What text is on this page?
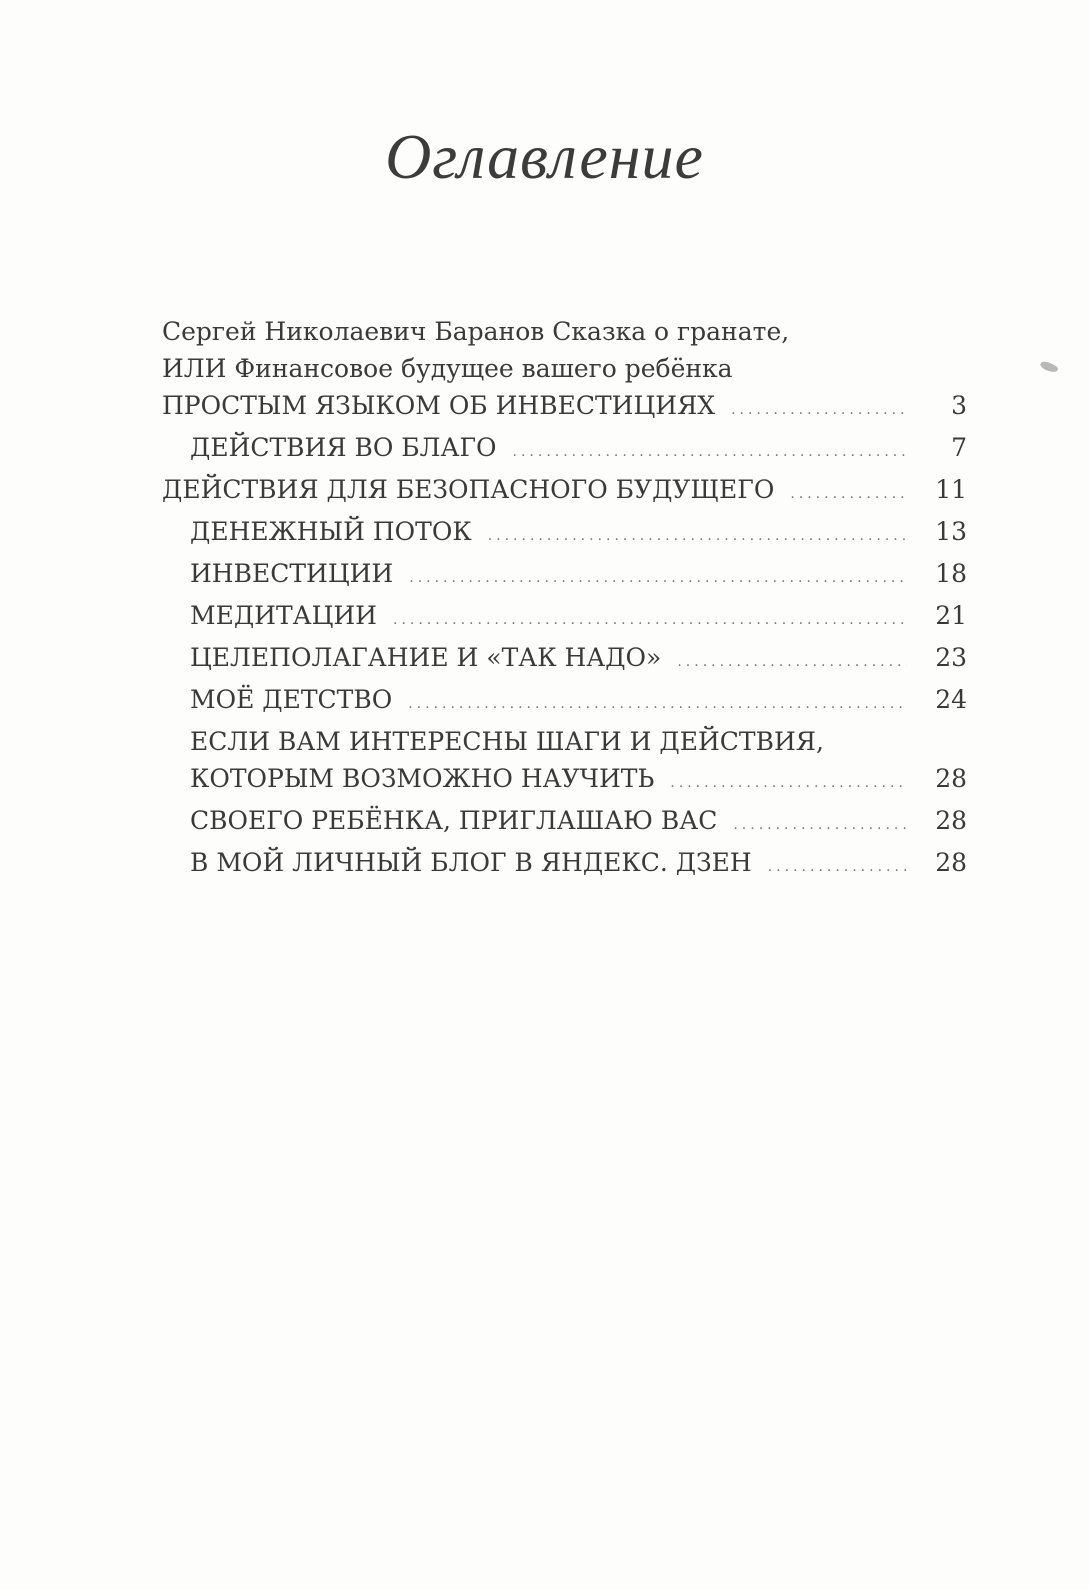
Оглавление
Сергей Николаевич Баранов Сказка о гранате,
ИЛИ Финансовое будущее вашего ребёнка
ПРОСТЫМ ЯЗЫКОМ ОБ ИНВЕСТИЦИЯХ .....	3
ДЕЙСТВИЯ ВО БЛАГО .....	7
ДЕЙСТВИЯ ДЛЯ БЕЗОПАСНОГО БУДУЩЕГО .....	11
ДЕНЕЖНЫЙ ПОТОК .....	13
ИНВЕСТИЦИИ .....	18
МЕДИТАЦИИ .....	21
ЦЕЛЕПОЛАГАНИЕ И «ТАК НАДО» .....	23
МОЁ ДЕТСТВО .....	24
ЕСЛИ ВАМ ИНТЕРЕСНЫ ШАГИ И ДЕЙСТВИЯ,
КОТОРЫМ ВОЗМОЖНО НАУЧИТЬ .....	28
СВОЕГО РЕБЁНКА, ПРИГЛАШАЮ ВАС .....	28
В МОЙ ЛИЧНЫЙ БЛОГ В ЯНДЕКС. ДЗЕН .....	28
